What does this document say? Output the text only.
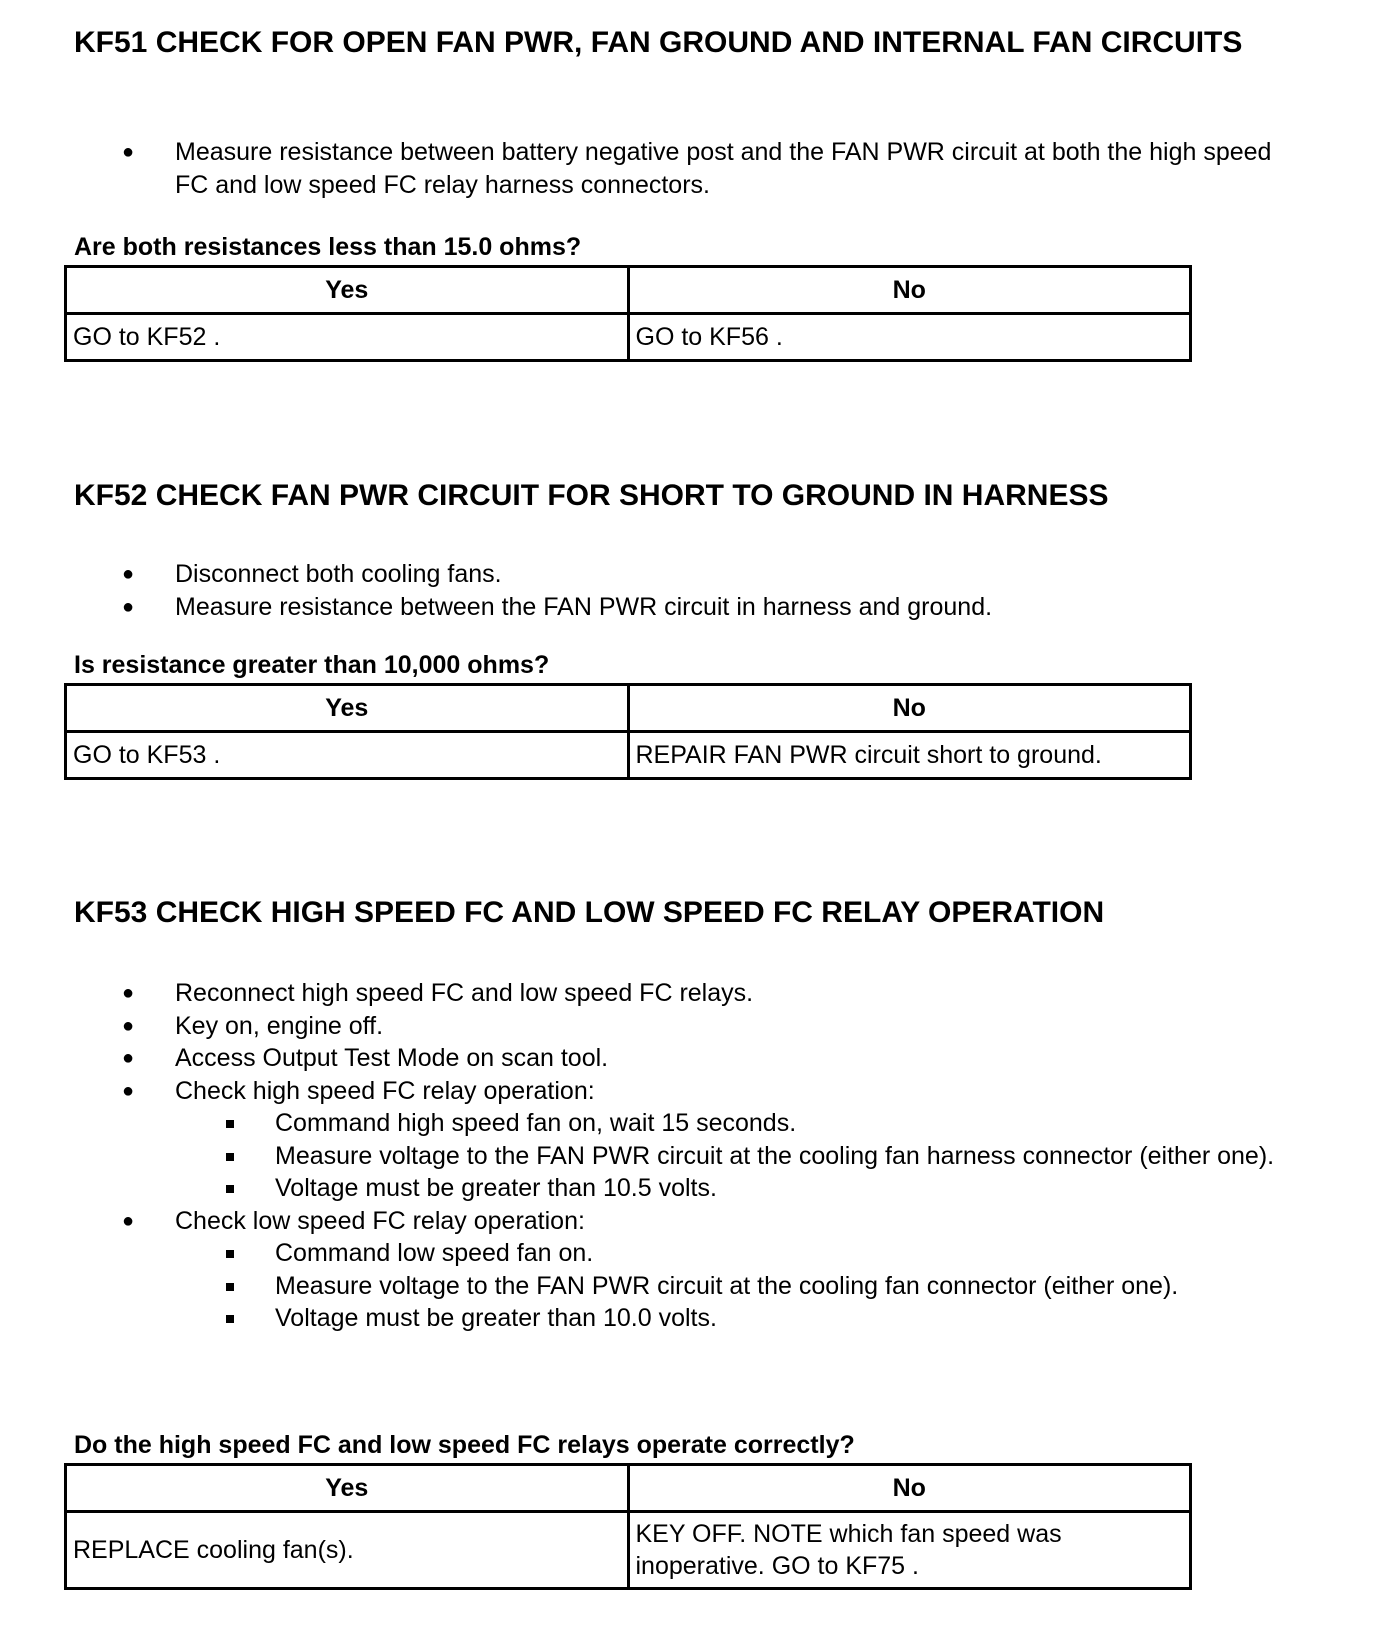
KF51 CHECK FOR OPEN FAN PWR, FAN GROUND AND INTERNAL FAN CIRCUITS
● Measure resistance between battery negative post and the FAN PWR circuit at both the high speed FC and low speed FC relay harness connectors.

Are both resistances less than 15.0 ohms?

Yes	No
GO to KF52 .	GO to KF56 .
KF52 CHECK FAN PWR CIRCUIT FOR SHORT TO GROUND IN HARNESS
● Disconnect both cooling fans.
● Measure resistance between the FAN PWR circuit in harness and ground.

Is resistance greater than 10,000 ohms?

Yes	No
GO to KF53 .	REPAIR FAN PWR circuit short to ground.
KF53 CHECK HIGH SPEED FC AND LOW SPEED FC RELAY OPERATION
● Reconnect high speed FC and low speed FC relays.
● Key on, engine off.
● Access Output Test Mode on scan tool.
● Check high speed FC relay operation:
Command high speed fan on, wait 15 seconds.
Measure voltage to the FAN PWR circuit at the cooling fan harness connector (either one).
Voltage must be greater than 10.5 volts.
● Check low speed FC relay operation:
Command low speed fan on.
Measure voltage to the FAN PWR circuit at the cooling fan connector (either one).
Voltage must be greater than 10.0 volts.

Do the high speed FC and low speed FC relays operate correctly?

Yes	No
REPLACE cooling fan(s).	KEY OFF. NOTE which fan speed was inoperative. GO to KF75 .
